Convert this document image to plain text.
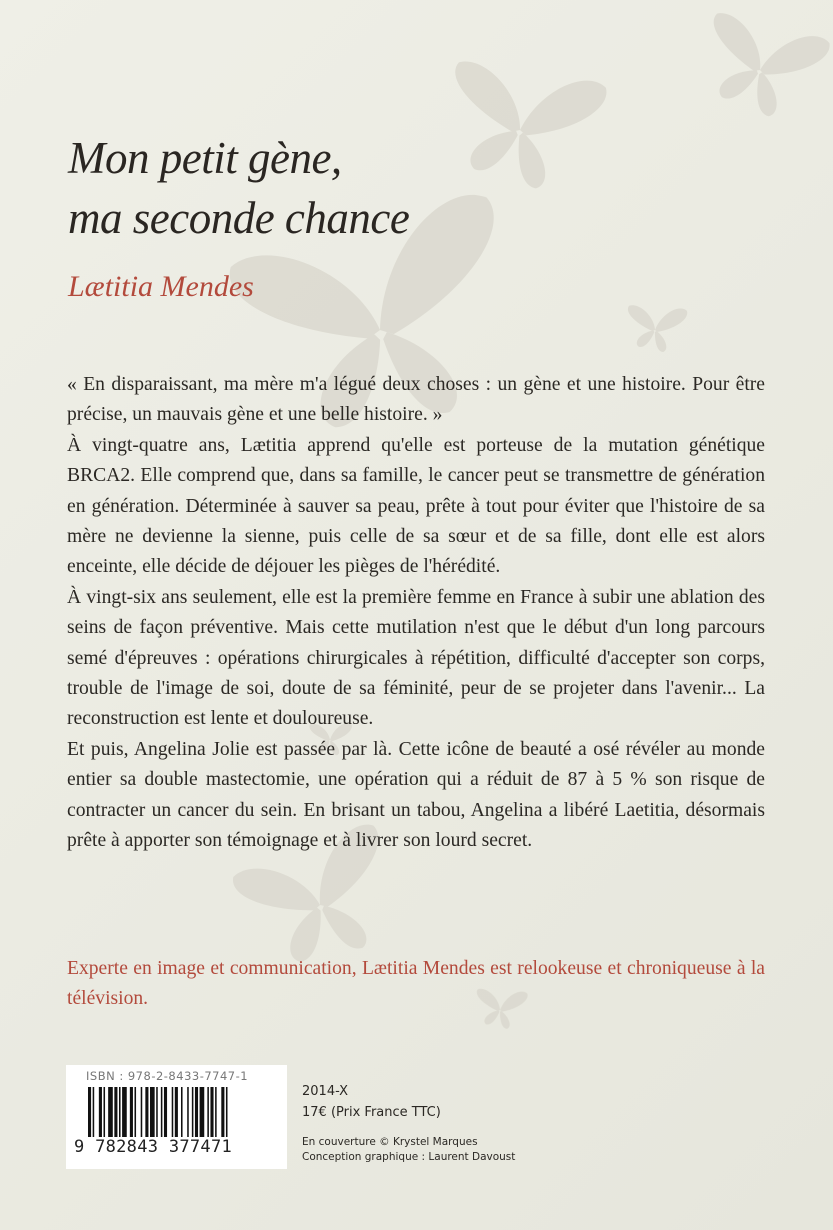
Mon petit gène,
ma seconde chance
Lætitia Mendes

« En disparaissant, ma mère m'a légué deux choses : un gène et une histoire. Pour être précise, un mauvais gène et une belle histoire. »

À vingt-quatre ans, Lætitia apprend qu'elle est porteuse de la mutation génétique BRCA2. Elle comprend que, dans sa famille, le cancer peut se transmettre de génération en génération. Déterminée à sauver sa peau, prête à tout pour éviter que l'histoire de sa mère ne devienne la sienne, puis celle de sa sœur et de sa fille, dont elle est alors enceinte, elle décide de déjouer les pièges de l'hérédité.

À vingt-six ans seulement, elle est la première femme en France à subir une ablation des seins de façon préventive. Mais cette mutilation n'est que le début d'un long parcours semé d'épreuves : opérations chirurgicales à répétition, difficulté d'accepter son corps, trouble de l'image de soi, doute de sa féminité, peur de se projeter dans l'avenir... La reconstruction est lente et douloureuse.

Et puis, Angelina Jolie est passée par là. Cette icône de beauté a osé révéler au monde entier sa double mastectomie, une opération qui a réduit de 87 à 5 % son risque de contracter un cancer du sein. En brisant un tabou, Angelina a libéré Laetitia, désormais prête à apporter son témoignage et à livrer son lourd secret.

Experte en image et communication, Lætitia Mendes est relookeuse et chroniqueuse à la télévision.

ISBN : 978-2-8433-7747-1
9 782843 377471

2014-X

17€ (Prix France TTC)

En couverture © Krystel Marques

Conception graphique : Laurent Davoust
